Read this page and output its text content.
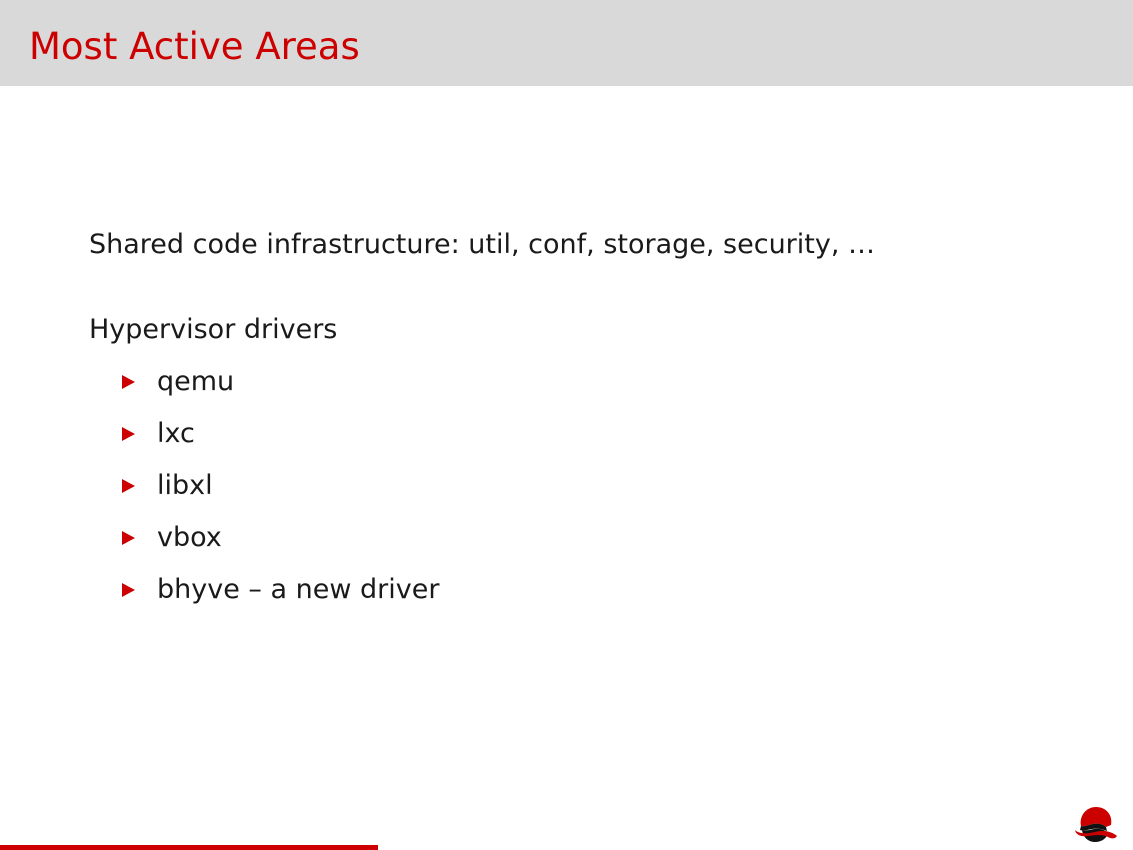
Most Active Areas

Shared code infrastructure: util, conf, storage, security, …

Hypervisor drivers

qemu
lxc
libxl
vbox
bhyve – a new driver
